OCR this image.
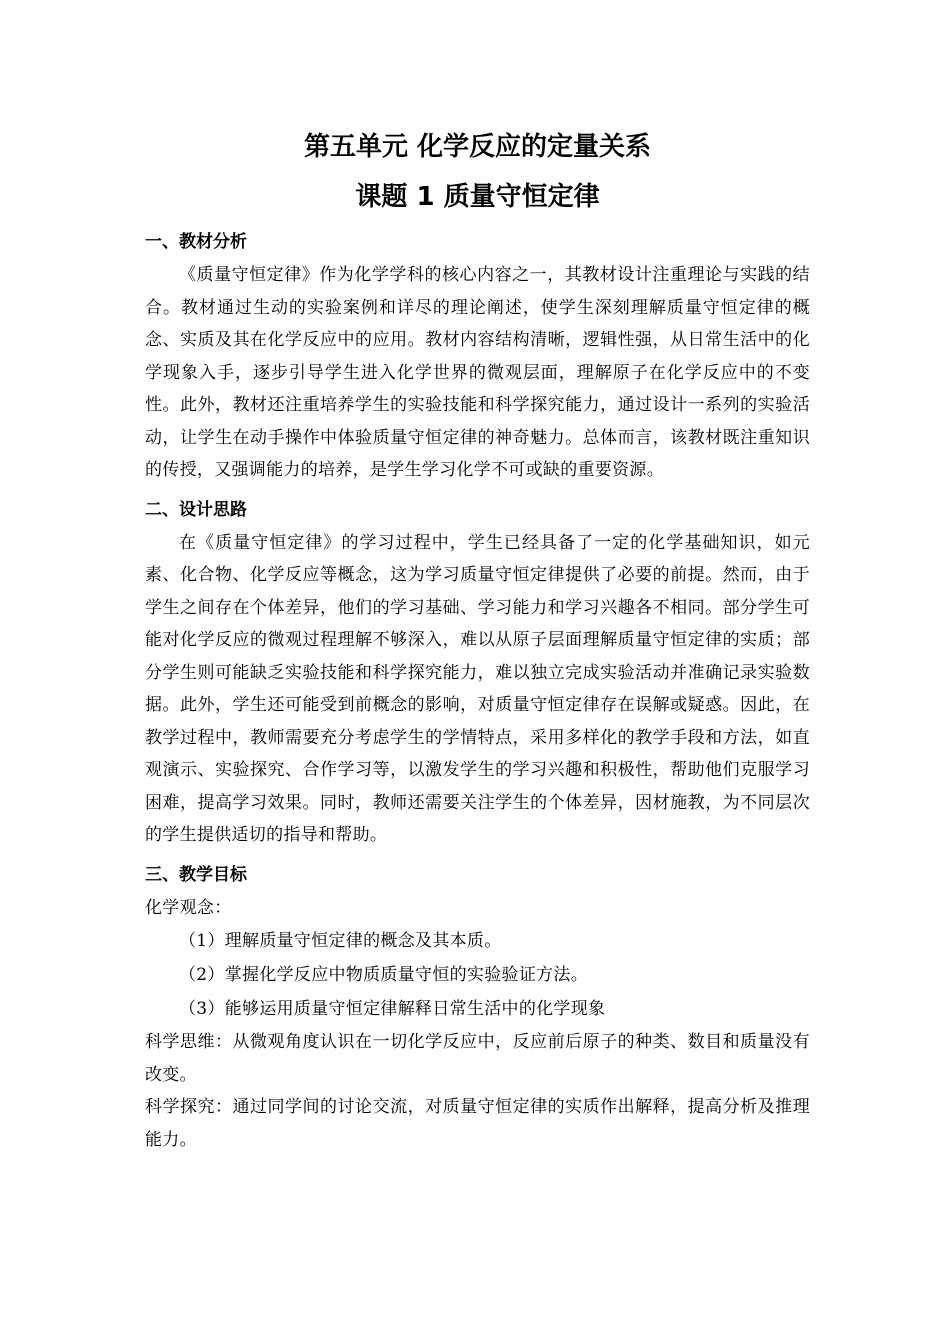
第五单元 化学反应的定量关系
课题 1 质量守恒定律
一、教材分析

《质量守恒定律》作为化学学科的核心内容之一，其教材设计注重理论与实践的结合。教材通过生动的实验案例和详尽的理论阐述，使学生深刻理解质量守恒定律的概念、实质及其在化学反应中的应用。教材内容结构清晰，逻辑性强，从日常生活中的化学现象入手，逐步引导学生进入化学世界的微观层面，理解原子在化学反应中的不变性。此外，教材还注重培养学生的实验技能和科学探究能力，通过设计一系列的实验活动，让学生在动手操作中体验质量守恒定律的神奇魅力。总体而言，该教材既注重知识的传授，又强调能力的培养，是学生学习化学不可或缺的重要资源。

二、设计思路

在《质量守恒定律》的学习过程中，学生已经具备了一定的化学基础知识，如元素、化合物、化学反应等概念，这为学习质量守恒定律提供了必要的前提。然而，由于学生之间存在个体差异，他们的学习基础、学习能力和学习兴趣各不相同。部分学生可能对化学反应的微观过程理解不够深入，难以从原子层面理解质量守恒定律的实质；部分学生则可能缺乏实验技能和科学探究能力，难以独立完成实验活动并准确记录实验数据。此外，学生还可能受到前概念的影响，对质量守恒定律存在误解或疑惑。因此，在教学过程中，教师需要充分考虑学生的学情特点，采用多样化的教学手段和方法，如直观演示、实验探究、合作学习等，以激发学生的学习兴趣和积极性，帮助他们克服学习困难，提高学习效果。同时，教师还需要关注学生的个体差异，因材施教，为不同层次的学生提供适切的指导和帮助。

三、教学目标

化学观念：

（1）理解质量守恒定律的概念及其本质。

（2）掌握化学反应中物质质量守恒的实验验证方法。

（3）能够运用质量守恒定律解释日常生活中的化学现象

科学思维：从微观角度认识在一切化学反应中，反应前后原子的种类、数目和质量没有改变。

科学探究：通过同学间的讨论交流，对质量守恒定律的实质作出解释，提高分析及推理能力。
